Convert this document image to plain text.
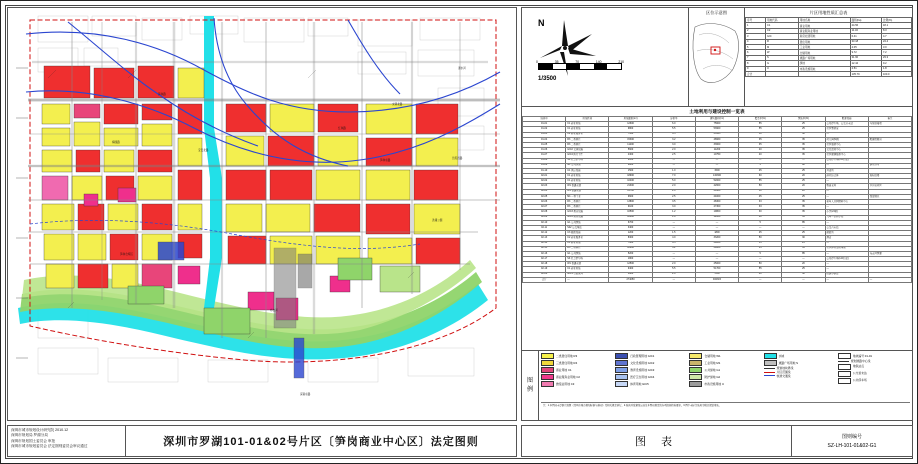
笋岗路
宝安北路
红岗路
布吉河
梅园路
笋岗东路
洪湖公园
田贝四路
清水河
深南东路
笋岗仓库区
文锦北路
深圳市城市规划设计研究院 2010.12
深圳市规划局 罗湖分局
深圳市规划国土委员会 审批
深圳市城市规划委员会 法定图则委员会审议通过	深圳市罗湖101-01&02号片区〔笋岗商业中心区〕法定图则
N
0	35	70	140	210
1/3500
区位示意图	片区用地性质汇总表
序号	用地代码	用地名称	面积(ha)	比例(%)
1	C1	商业用地	24.56	18.1
2	C2	商业服务业用地	11.32	8.3
3	GIC	政府社团用地	6.41	4.7
4	R	居住用地	33.18	24.4
5	M	工业用地	4.05	3.0
6	W	仓储用地	9.72	7.2
7	S	道路广场用地	31.60	23.3
8	G	绿地	12.44	9.2
9	U	市政设施用地	2.51	1.8
合计			135.79	100.0
土地利用与建设控制一览表
地块号	用地性质	用地面积(m²)	容积率	建筑面积(m²)	覆盖率(%)	绿地率(%)	配套设施	备注
01-01	C1 商业用地	12600	6.0	75600	55	25	公共停车场、公交首末站	与地铁接驳
01-02	C1 商业用地	9800	5.5	53900	55	25	社区警务室	
01-03	C2 商业服务业	7450	4.5	33525	50	30	—	
01-04	R3 二类居住	15300	3.2	48960	35	35	幼儿园(9班)	配建保障房
01-05	R3 二类居住	11200	3.0	33600	35	35	社区服务中心	
01-06	GIC2 文体设施	5600	2.0	11200	40	35	文化活动中心	
01-07	GIC4 医疗卫生	4300	2.5	10750	40	35	社区健康服务中心	
01-08	S3 社会停车场	2100	—	—	—	—	公共停车场(150泊位)	
01-09	G1 公共绿地	8800	—	—	5	80	—	滨水绿带
01-10	U1 供应设施	1500	1.0	1500	45	25	开闭所	
02-01	C1 商业用地	18900	7.0	132300	60	20	商业综合体	地标塔楼
02-02	C1 商业用地	10400	5.0	52000	55	25	—	
02-03	W1 普通仓储	21300	2.0	42600	50	20	物流仓库	笋岗仓库区
02-04	W1 普通仓储	14700	2.0	29400	50	20	—	
02-05	M1 一类工业	9600	2.5	24000	45	25	—	保留现状
02-06	R3 二类居住	13800	3.5	48300	33	35	老年人日间照料中心	
02-07	R3 二类居住	9100	3.0	27300	33	35	—	
02-08	GIC3 教育设施	16500	1.2	19800	30	35	小学(24班)	
02-09	GIC3 教育设施	12000	1.0	12000	30	35	九年一贯制学校	
02-10	G1 公共绿地	6700	—	—	5	85	—	
02-11	S42 公交场站	3400	—	—	—	—	公交首末站	
02-12	U3 邮政设施	1200	1.5	1800	45	25	邮政所	
02-13	C2 商业服务业	8300	4.0	33200	50	30	酒店	
02-14	C1 商业用地	7600	4.5	34200	55	25	—	
02-15	R3 二类居住	10900	3.2	34880	35	35	社区体育活动场地	
02-16	G1 公共绿地	5200	—	—	5	85	—	布吉河绿廊
02-17	S3 社会停车场	1800	—	—	—	—	公共停车场(120泊位)	
02-18	W1 普通仓储	12500	2.0	25000	50	20	—	
02-19	C1 商业用地	9400	5.5	51700	55	25	—	
02-20	GIC1 行政管理	3900	2.0	7800	40	30	街道办事处	
合计	—	274050	—	934315	—	—	—	—
图
例
二类居住用地 R3
三类居住用地 R4
商业用地 C1
商业服务业用地 C2
旅馆业用地 C3
行政管理用地 GIC1
文化设施用地 GIC2
教育设施用地 GIC3
医疗卫生用地 GIC4
体育用地 GIC5
仓储用地 W1
工业用地 M1
公共绿地 G1
防护绿地 G2
市政设施用地 U
水域
道路广场用地 S
规划地块界线
片区范围线
轨道交通线
地块编号 01-01
规划道路中心线
地铁站点
公交首末站
公共停车场
注：1.本图则未尽事宜按照《深圳市城市规划标准与准则》及相关规定执行。2.地块开发建设应满足本图则规定的各项控制指标要求。3.图中未标注地块为现状保留用地。
图 表	图则编号
SZ-LH-101-01&02-G1
